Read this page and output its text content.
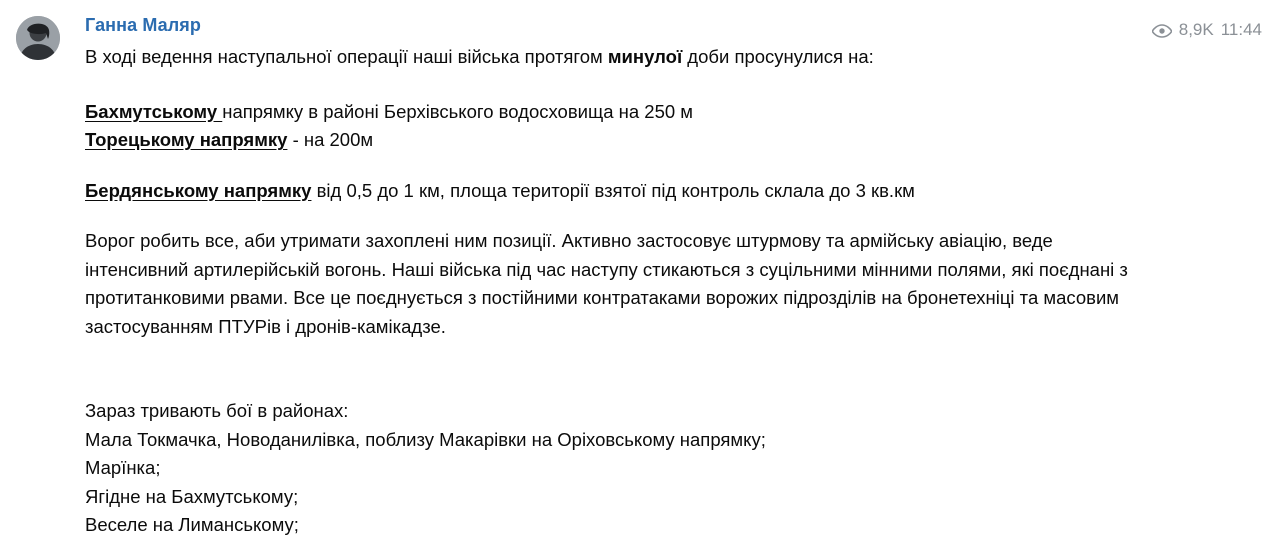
8,9K 11:44
Ганна Маляр

В ході ведення наступальної операції наші війська протягом минулої доби просунулися на:

Бахмутському напрямку в районі Берхівського водосховища на 250 м

Торецькому напрямку - на 200м

Бердянському напрямку від 0,5 до 1 км, площа території взятої під контроль склала до 3 кв.км

Ворог робить все, аби утримати захоплені ним позиції. Активно застосовує штурмову та армійську авіацію, веде інтенсивний артилерійській вогонь. Наші війська під час наступу стикаються з суцільними мінними полями, які поєднані з протитанковими рвами. Все це поєднується з постійними контратаками ворожих підрозділів на бронетехніці та масовим застосуванням ПТУРів і дронів-камікадзе.

Зараз тривають бої в районах:

Мала Токмачка, Новоданилівка, поблизу Макарівки на Оріховському напрямку;

Марїнка;

Ягідне на Бахмутському;

Веселе на Лиманському;
